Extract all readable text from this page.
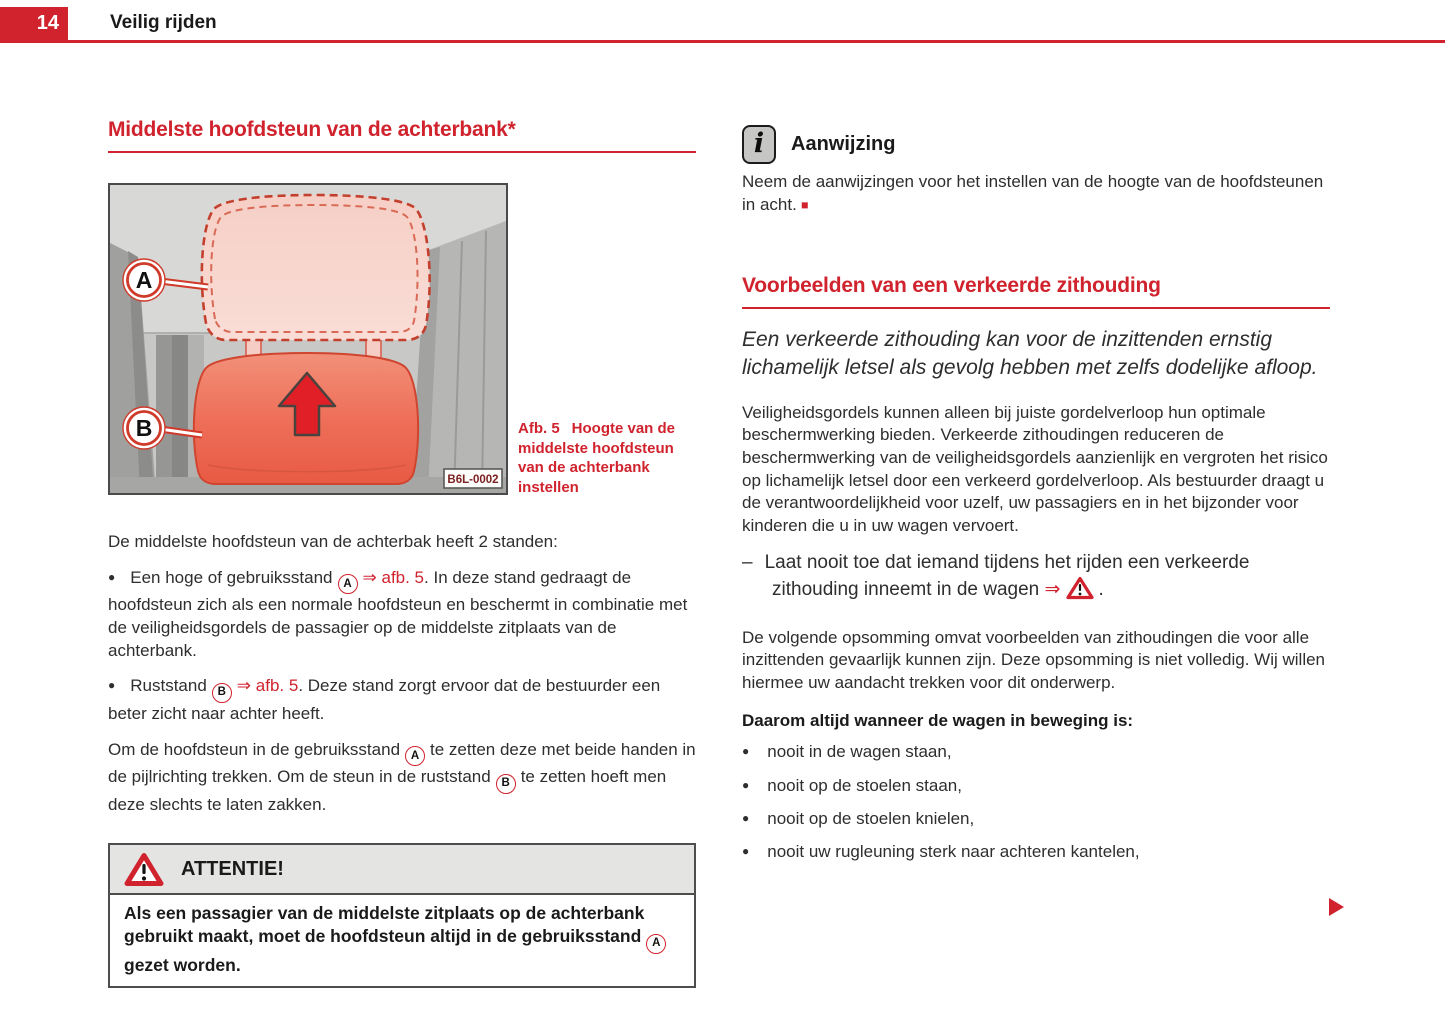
14	Veilig rijden
Middelste hoofdsteun van de achterbank*
A
B
B6L-0002
Afb. 5 Hoogte van de middelste hoofdsteun van de achterbank instellen

De middelste hoofdsteun van de achterbak heeft 2 standen:

● Een hoge of gebruiksstand A ⇒ afb. 5. In deze stand gedraagt de hoofdsteun zich als een normale hoofdsteun en beschermt in combinatie met de veiligheidsgordels de passagier op de middelste zitplaats van de achterbank.

● Ruststand B ⇒ afb. 5. Deze stand zorgt ervoor dat de bestuurder een beter zicht naar achter heeft.

Om de hoofdsteun in de gebruiksstand A te zetten deze met beide handen in de pijlrichting trekken. Om de steun in de ruststand B te zetten hoeft men deze slechts te laten zakken.

ATTENTIE!
Als een passagier van de middelste zitplaats op de achterbank gebruikt maakt, moet de hoofdsteun altijd in de gebruiksstand Agezet worden.
i	Aanwijzing

Neem de aanwijzingen voor het instellen van de hoogte van de hoofdsteunen in acht. ■

Voorbeelden van een verkeerde zithouding

Een verkeerde zithouding kan voor de inzittenden ernstig lichamelijk letsel als gevolg hebben met zelfs dodelijke afloop.

Veiligheidsgordels kunnen alleen bij juiste gordelverloop hun optimale beschermwerking bieden. Verkeerde zithoudingen reduceren de beschermwerking van de veiligheidsgordels aanzienlijk en vergroten het risico op lichamelijk letsel door een verkeerd gordelverloop. Als bestuurder draagt u de verantwoordelijkheid voor uzelf, uw passagiers en in het bijzonder voor kinderen die u in uw wagen vervoert.

– Laat nooit toe dat iemand tijdens het rijden een verkeerde zithouding inneemt in de wagen ⇒ .

De volgende opsomming omvat voorbeelden van zithoudingen die voor alle inzittenden gevaarlijk kunnen zijn. Deze opsomming is niet volledig. Wij willen hiermee uw aandacht trekken voor dit onderwerp.

Daarom altijd wanneer de wagen in beweging is:

● nooit in de wagen staan,
● nooit op de stoelen staan,
● nooit op de stoelen knielen,
● nooit uw rugleuning sterk naar achteren kantelen,
